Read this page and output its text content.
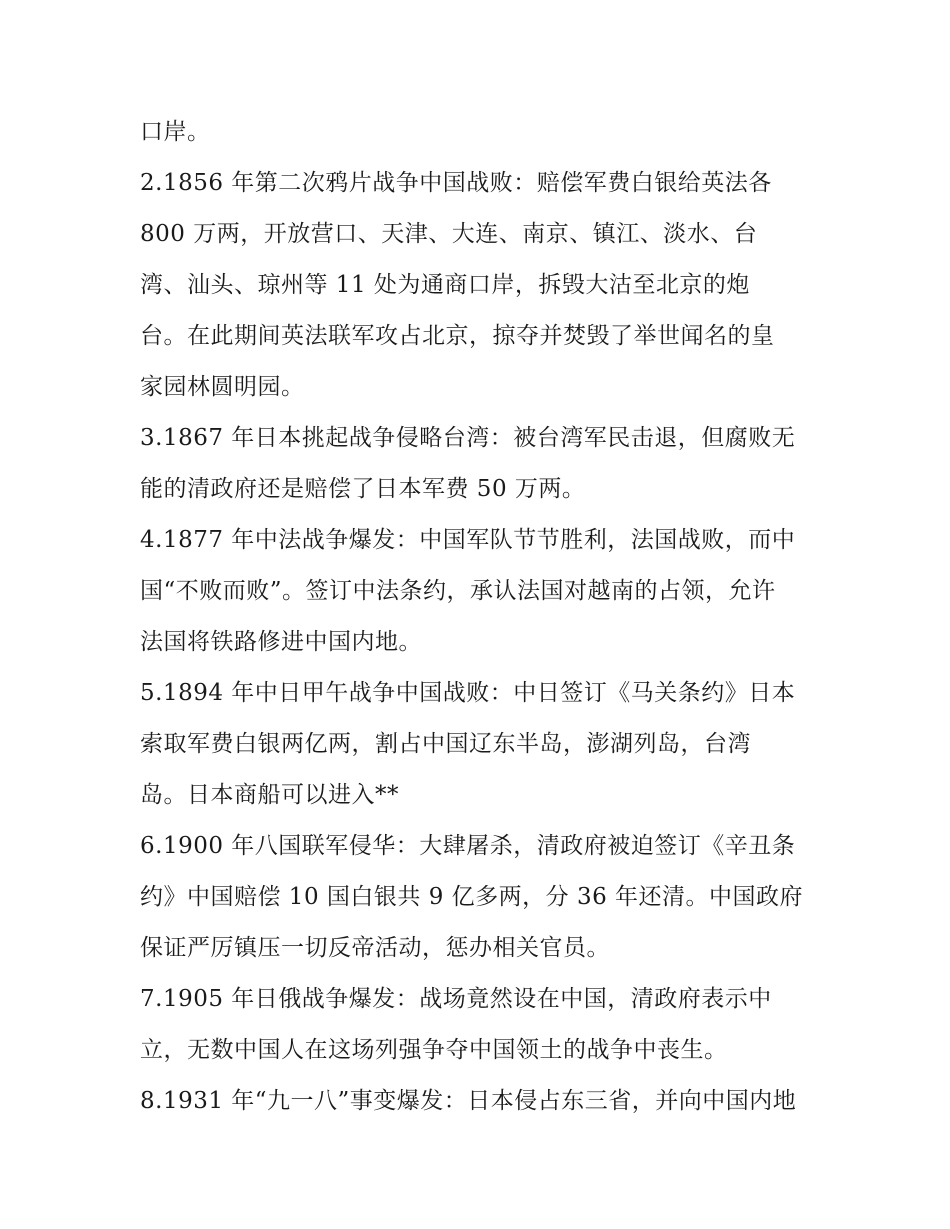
口岸。
2.1856 年第二次鸦片战争中国战败：赔偿军费白银给英法各
800 万两，开放营口、天津、大连、南京、镇江、淡水、台
湾、汕头、琼州等 11 处为通商口岸，拆毁大沽至北京的炮
台。在此期间英法联军攻占北京，掠夺并焚毁了举世闻名的皇
家园林圆明园。
3.1867 年日本挑起战争侵略台湾：被台湾军民击退，但腐败无
能的清政府还是赔偿了日本军费 50 万两。
4.1877 年中法战争爆发：中国军队节节胜利，法国战败，而中
国“不败而败”。签订中法条约，承认法国对越南的占领，允许
法国将铁路修进中国内地。
5.1894 年中日甲午战争中国战败：中日签订《马关条约》日本
索取军费白银两亿两，割占中国辽东半岛，澎湖列岛，台湾
岛。日本商船可以进入**
6.1900 年八国联军侵华：大肆屠杀，清政府被迫签订《辛丑条
约》中国赔偿 10 国白银共 9 亿多两，分 36 年还清。中国政府
保证严厉镇压一切反帝活动，惩办相关官员。
7.1905 年日俄战争爆发：战场竟然设在中国，清政府表示中
立，无数中国人在这场列强争夺中国领土的战争中丧生。
8.1931 年“九一八”事变爆发：日本侵占东三省，并向中国内地
